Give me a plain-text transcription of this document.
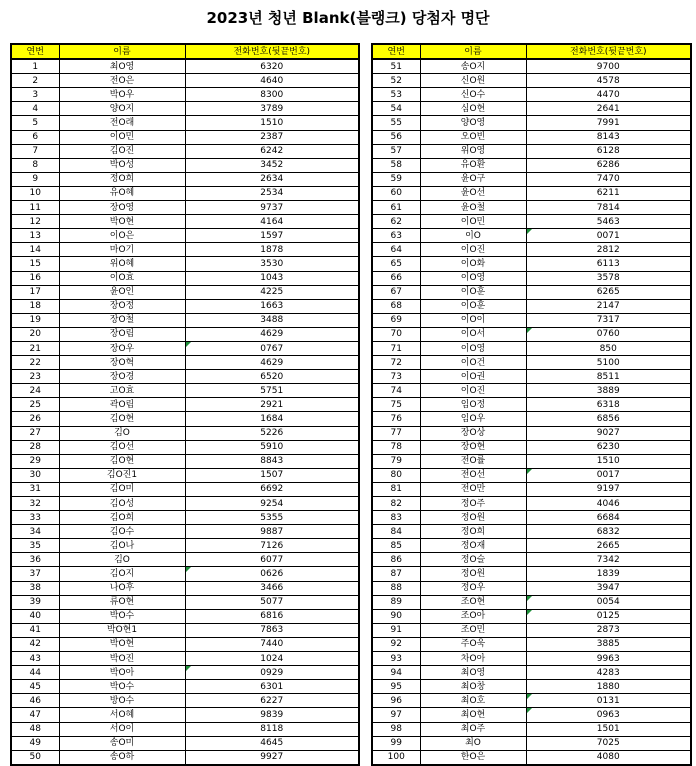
2023년 청년 Blank(블랭크) 당첨자 명단
연번	이름	전화번호(뒷끝번호)
1	최O영	6320
2	전O은	4640
3	박O우	8300
4	양O지	3789
5	전O래	1510
6	이O민	2387
7	김O진	6242
8	박O성	3452
9	정O희	2634
10	유O혜	2534
11	장O영	9737
12	박O현	4164
13	이O은	1597
14	마O기	1878
15	위O혜	3530
16	이O효	1043
17	윤O인	4225
18	장O정	1663
19	장O철	3488
20	장O림	4629
21	장O우	0767
22	장O혁	4629
23	장O경	6520
24	고O효	5751
25	곽O림	2921
26	김O현	1684
27	김O	5226
28	김O선	5910
29	김O현	8843
30	김O진1	1507
31	김O미	6692
32	김O성	9254
33	김O희	5355
34	김O수	9887
35	김O나	7126
36	김O	6077
37	김O지	0626
38	나O후	3466
39	류O현	5077
40	박O수	6816
41	박O현1	7863
42	박O현	7440
43	박O진	1024
44	박O아	0929
45	박O수	6301
46	방O수	6227
47	서O혜	9839
48	서O이	8118
49	송O미	4645
50	송O하	9927
연번	이름	전화번호(뒷끝번호)
51	송O지	9700
52	신O원	4578
53	신O수	4470
54	심O현	2641
55	양O영	7991
56	오O빈	8143
57	위O영	6128
58	유O환	6286
59	윤O구	7470
60	윤O선	6211
61	윤O철	7814
62	이O민	5463
63	이O	0071
64	이O진	2812
65	이O화	6113
66	이O영	3578
67	이O훈	6265
68	이O훈	2147
69	이O이	7317
70	이O서	0760
71	이O영	850
72	이O건	5100
73	이O권	8511
74	이O진	3889
75	임O정	6318
76	임O우	6856
77	장O상	9027
78	장O현	6230
79	전O률	1510
80	전O선	0017
81	전O만	9197
82	정O주	4046
83	정O원	6684
84	정O희	6832
85	정O재	2665
86	정O슬	7342
87	정O원	1839
88	정O우	3947
89	조O현	0054
90	조O아	0125
91	조O민	2873
92	주O욱	3885
93	차O아	9963
94	최O영	4283
95	최O창	1880
96	최O호	0131
97	최O현	0963
98	최O주	1501
99	최O	7025
100	한O은	4080
